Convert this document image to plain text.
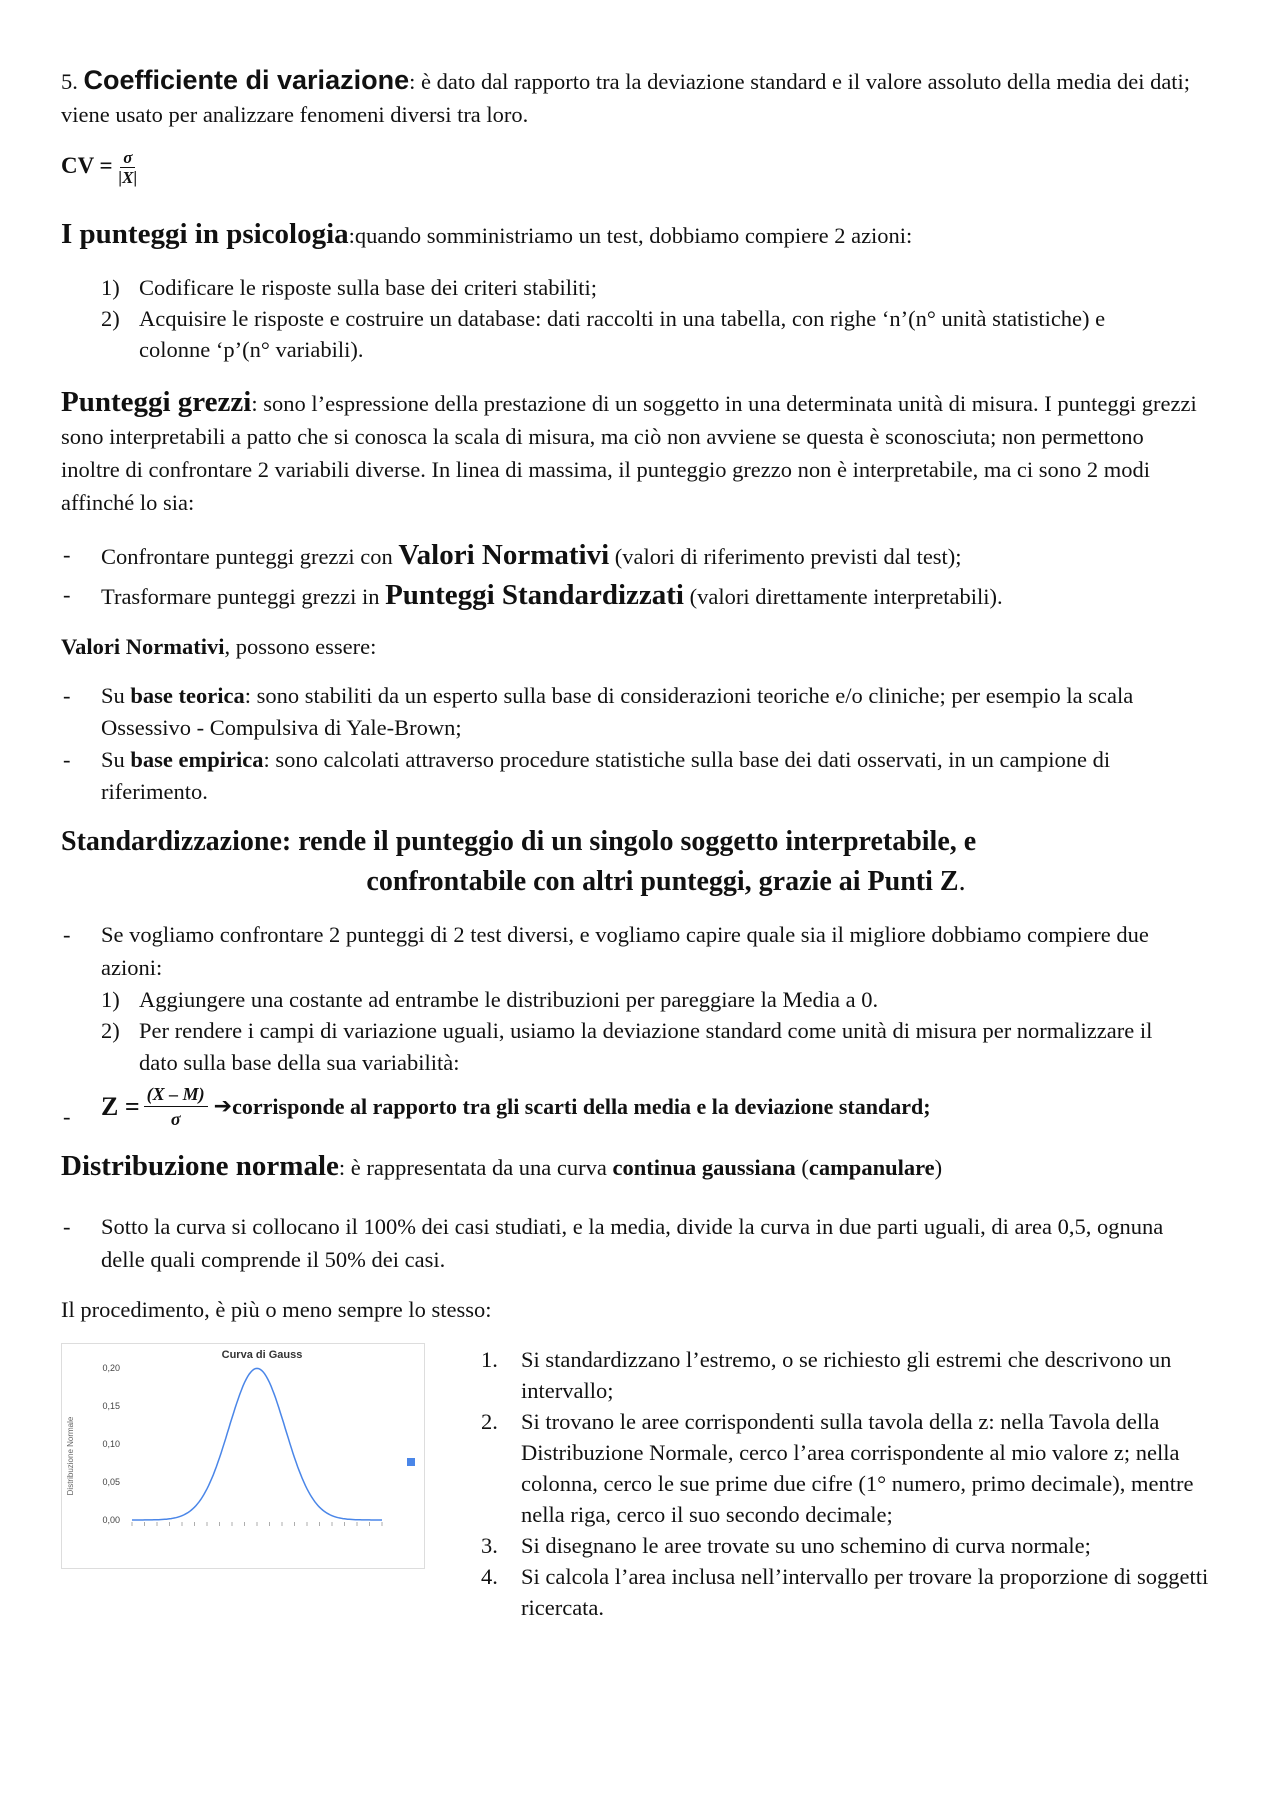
5. Coefficiente di variazione: è dato dal rapporto tra la deviazione standard e il valore assoluto della media dei dati; viene usato per analizzare fenomeni diversi tra loro.

CV = $\frac{\sigma}{|X|}$

I punteggi in psicologia:quando somministriamo un test, dobbiamo compiere 2 azioni:

1) Codificare le risposte sulla base dei criteri stabiliti;
2) Acquisire le risposte e costruire un database: dati raccolti in una tabella, con righe ‘n’(n° unità statistiche) e colonne ‘p’(n° variabili).

Punteggi grezzi: sono l’espressione della prestazione di un soggetto in una determinata unità di misura. I punteggi grezzi sono interpretabili a patto che si conosca la scala di misura, ma ciò non avviene se questa è sconosciuta; non permettono inoltre di confrontare 2 variabili diverse. In linea di massima, il punteggio grezzo non è interpretabile, ma ci sono 2 modi affinché lo sia:

- Confrontare punteggi grezzi con Valori Normativi (valori di riferimento previsti dal test);
- Trasformare punteggi grezzi in Punteggi Standardizzati (valori direttamente interpretabili).

Valori Normativi, possono essere:

- Su base teorica: sono stabiliti da un esperto sulla base di considerazioni teoriche e/o cliniche; per esempio la scala Ossessivo - Compulsiva di Yale-Brown;
- Su base empirica: sono calcolati attraverso procedure statistiche sulla base dei dati osservati, in un campione di riferimento.

Standardizzazione: rende il punteggio di un singolo soggetto interpretabile, e

confrontabile con altri punteggi, grazie ai Punti Z.

- Se vogliamo confrontare 2 punteggi di 2 test diversi, e vogliamo capire quale sia il migliore dobbiamo compiere due azioni:
1) Aggiungere una costante ad entrambe le distribuzioni per pareggiare la Media a 0.
2) Per rendere i campi di variazione uguali, usiamo la deviazione standard come unità di misura per normalizzare il dato sulla base della sua variabilità:
- $Z = \frac{(X - M)}{\sigma}$ ➔ corrisponde al rapporto tra gli scarti della media e la deviazione standard;

Distribuzione normale: è rappresentata da una curva continua gaussiana (campanulare)

- Sotto la curva si collocano il 100% dei casi studiati, e la media, divide la curva in due parti uguali, di area 0,5, ognuna delle quali comprende il 50% dei casi.

Il procedimento, è più o meno sempre lo stesso:

Curva di Gauss
Distribuzione Normale
0,00
0,05
0,10
0,15
0,20	1. Si standardizzano l’estremo, o se richiesto gli estremi che descrivono un intervallo;
2. Si trovano le aree corrispondenti sulla tavola della z: nella Tavola della Distribuzione Normale, cerco l’area corrispondente al mio valore z; nella colonna, cerco le sue prime due cifre (1° numero, primo decimale), mentre nella riga, cerco il suo secondo decimale;
3. Si disegnano le aree trovate su uno schemino di curva normale;
4. Si calcola l’area inclusa nell’intervallo per trovare la proporzione di soggetti ricercata.
